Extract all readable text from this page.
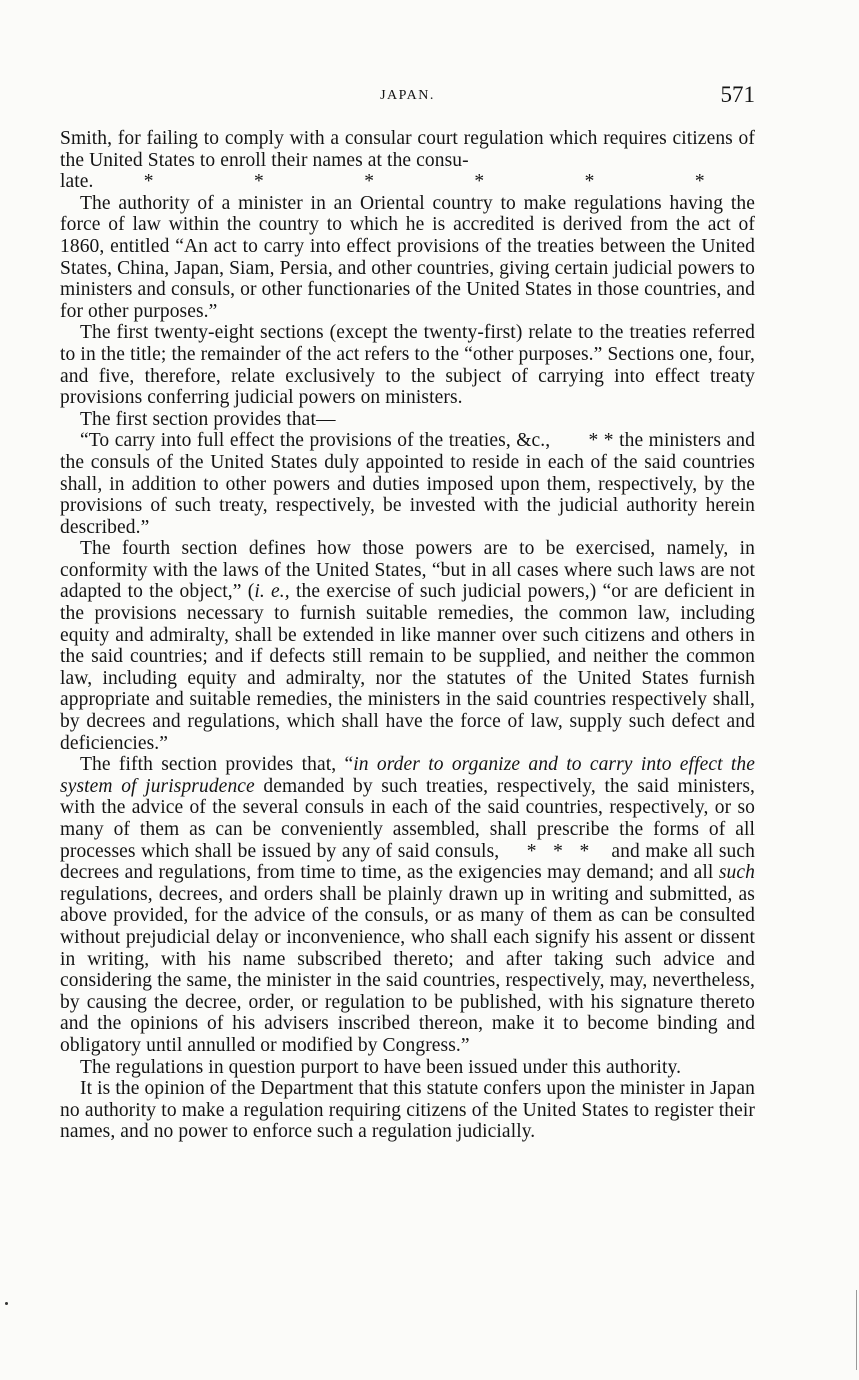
JAPAN.	571

Smith, for failing to comply with a consular court regulation which requires citizens of the United States to enroll their names at the consu-

late.	*	*	*	*	*	*

The authority of a minister in an Oriental country to make regulations having the force of law within the country to which he is accredited is derived from the act of 1860, entitled “An act to carry into effect provisions of the treaties between the United States, China, Japan, Siam, Persia, and other countries, giving certain judicial powers to ministers and consuls, or other functionaries of the United States in those countries, and for other purposes.”

The first twenty-eight sections (except the twenty-first) relate to the treaties referred to in the title; the remainder of the act refers to the “other purposes.” Sections one, four, and five, therefore, relate exclusively to the subject of carrying into effect treaty provisions conferring judicial powers on ministers.

The first section provides that—

“To carry into full effect the provisions of the treaties, &c., * * the ministers and the consuls of the United States duly appointed to reside in each of the said countries shall, in addition to other powers and duties imposed upon them, respectively, by the provisions of such treaty, respectively, be invested with the judicial authority herein described.”

The fourth section defines how those powers are to be exercised, namely, in conformity with the laws of the United States, “but in all cases where such laws are not adapted to the object,” (i. e., the exercise of such judicial powers,) “or are deficient in the provisions necessary to furnish suitable remedies, the common law, including equity and admiralty, shall be extended in like manner over such citizens and others in the said countries; and if defects still remain to be supplied, and neither the common law, including equity and admiralty, nor the statutes of the United States furnish appropriate and suitable remedies, the ministers in the said countries respectively shall, by decrees and regulations, which shall have the force of law, supply such defect and deficiencies.”

The fifth section provides that, “in order to organize and to carry into effect the system of jurisprudence demanded by such treaties, respectively, the said ministers, with the advice of the several consuls in each of the said countries, respectively, or so many of them as can be conveniently assembled, shall prescribe the forms of all processes which shall be issued by any of said consuls, *   *   *    and make all such decrees and regulations, from time to time, as the exigencies may demand; and all such regulations, decrees, and orders shall be plainly drawn up in writing and submitted, as above provided, for the advice of the consuls, or as many of them as can be consulted without prejudicial delay or inconvenience, who shall each signify his assent or dissent in writing, with his name subscribed thereto; and after taking such advice and considering the same, the minister in the said countries, respectively, may, nevertheless, by causing the decree, order, or regulation to be published, with his signature thereto and the opinions of his advisers inscribed thereon, make it to become binding and obligatory until annulled or modified by Congress.”

The regulations in question purport to have been issued under this authority.

It is the opinion of the Department that this statute confers upon the minister in Japan no authority to make a regulation requiring citizens of the United States to register their names, and no power to enforce such a regulation judicially.
